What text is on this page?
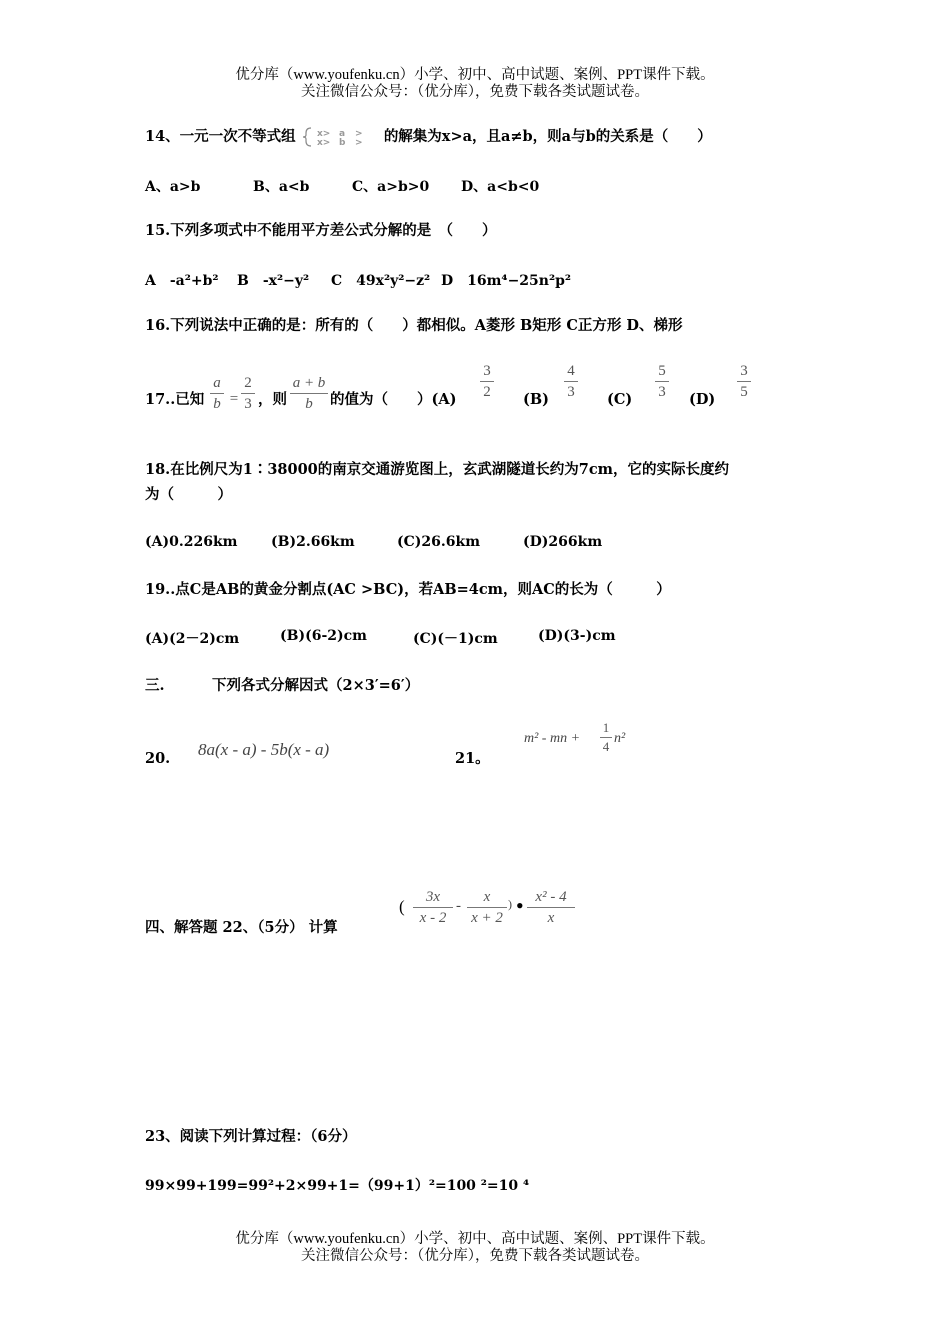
优分库（www.youfenku.cn）小学、初中、高中试题、案例、PPT课件下载。
关注微信公众号：（优分库），免费下载各类试题试卷。
14、一元一次不等式组 x>
x>
a
b
>
> 的解集为x>a，且a≠b，则a与b的关系是（　　）
A、a>b	B、a<b	C、a>b>0 D、a<b<0
15.下列多项式中不能用平方差公式分解的是　（　　）
A　-a²+b² B　-x²−y² C　49x²y²−z² D　16m⁴−25n²p²
16.下列说法中正确的是：所有的（　　）都相似。A菱形 B矩形 C正方形 D、梯形
17..已知
a
b =
2
3 ，则
a + b
b	的值为（　　）(A)
3
2 (B)
4
3 (C)
5
3 (D)
3
5
18.在比例尺为1∶38000的南京交通游览图上，玄武湖隧道长约为7cm，它的实际长度约
为（　　　）
(A)0.226km (B)2.66km	(C)26.6km	(D)266km
19..点C是AB的黄金分割点(AC >BC)，若AB=4cm，则AC的长为（　　　）
(A)(2－2)cm	(B)(6-2)cm	(C)(－1)cm	(D)(3-)cm
三.	下列各式分解因式（2×3′=6′）
20. 8a(x - a) - 5b(x - a)	21。
m² - mn +
1
4
n²
四、解答题 22、（5分） 计算
(	3x
x - 2
-
x
x + 2
) • x² - 4
x
23、阅读下列计算过程：（6分）
99×99+199=99²+2×99+1=（99+1）²=100 ²=10 ⁴
优分库（www.youfenku.cn）小学、初中、高中试题、案例、PPT课件下载。
关注微信公众号：（优分库），免费下载各类试题试卷。
